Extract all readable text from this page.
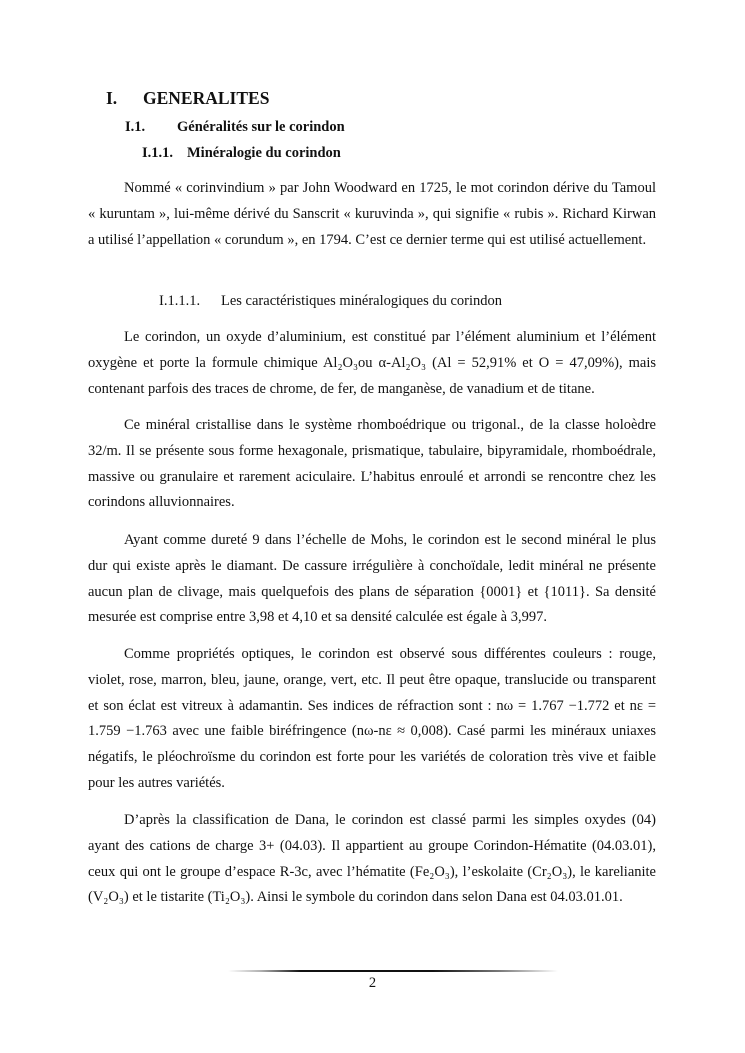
I. GENERALITES
I.1. Généralités sur le corindon
I.1.1. Minéralogie du corindon

Nommé « corinvindium » par John Woodward en 1725, le mot corindon dérive du Tamoul « kuruntam », lui-même dérivé du Sanscrit « kuruvinda », qui signifie « rubis ». Richard Kirwan a utilisé l’appellation « corundum », en 1794. C’est ce dernier terme qui est utilisé actuellement.

I.1.1.1. Les caractéristiques minéralogiques du corindon

Le corindon, un oxyde d’aluminium, est constitué par l’élément aluminium et l’élément oxygène et porte la formule chimique Al₂O₃ou α-Al₂O₃ (Al = 52,91% et O = 47,09%), mais contenant parfois des traces de chrome, de fer, de manganèse, de vanadium et de titane.

Ce minéral cristallise dans le système rhomboédrique ou trigonal., de la classe holoèdre 32/m. Il se présente sous forme hexagonale, prismatique, tabulaire, bipyramidale, rhomboédrale, massive ou granulaire et rarement aciculaire. L’habitus enroulé et arrondi se rencontre chez les corindons alluvionnaires.

Ayant comme dureté 9 dans l’échelle de Mohs, le corindon est le second minéral le plus dur qui existe après le diamant. De cassure irrégulière à conchoïdale, ledit minéral ne présente aucun plan de clivage, mais quelquefois des plans de séparation {0001} et {1011}. Sa densité mesurée est comprise entre 3,98 et 4,10 et sa densité calculée est égale à 3,997.

Comme propriétés optiques, le corindon est observé sous différentes couleurs : rouge, violet, rose, marron, bleu, jaune, orange, vert, etc. Il peut être opaque, translucide ou transparent et son éclat est vitreux à adamantin. Ses indices de réfraction sont : nω = 1.767 −1.772 et nε = 1.759 −1.763 avec une faible biréfringence (nω-nε ≈ 0,008). Casé parmi les minéraux uniaxes négatifs, le pléochroïsme du corindon est forte pour les variétés de coloration très vive et faible pour les autres variétés.

D’après la classification de Dana, le corindon est classé parmi les simples oxydes (04) ayant des cations de charge 3+ (04.03). Il appartient au groupe Corindon-Hématite (04.03.01), ceux qui ont le groupe d’espace R-3c, avec l’hématite (Fe₂O₃), l’eskolaite (Cr₂O₃), le karelianite (V₂O₃) et le tistarite (Ti₂O₃). Ainsi le symbole du corindon dans selon Dana est 04.03.01.01.

2
